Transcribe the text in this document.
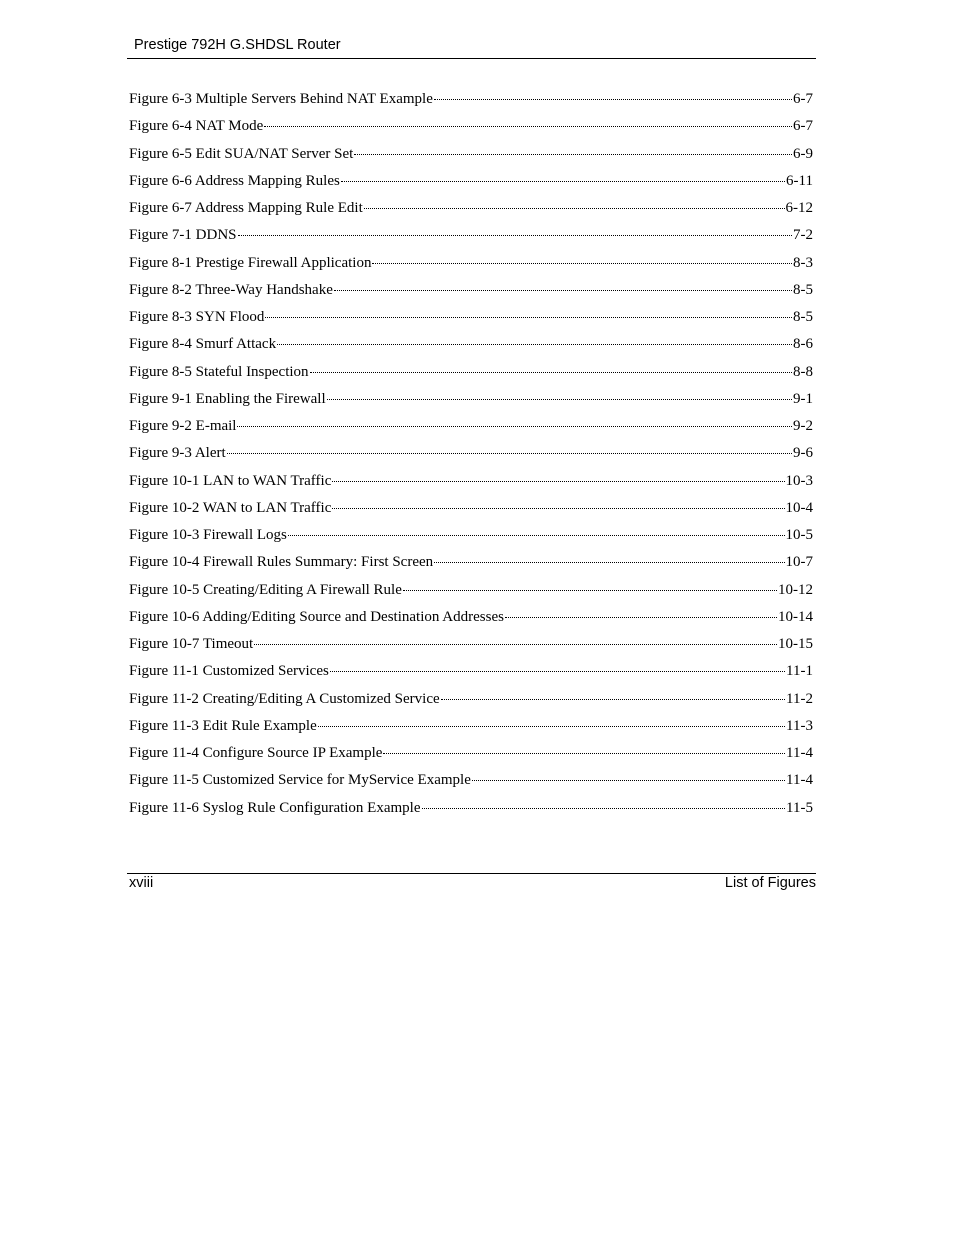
Prestige 792H G.SHDSL Router
Figure 6-3 Multiple Servers Behind NAT Example	6-7
Figure 6-4 NAT Mode	6-7
Figure 6-5 Edit SUA/NAT Server Set	6-9
Figure 6-6 Address Mapping Rules	6-11
Figure 6-7 Address Mapping Rule Edit	6-12
Figure 7-1 DDNS	7-2
Figure 8-1 Prestige Firewall Application	8-3
Figure 8-2 Three-Way Handshake	8-5
Figure 8-3 SYN Flood	8-5
Figure 8-4 Smurf Attack	8-6
Figure 8-5 Stateful Inspection	8-8
Figure 9-1 Enabling the Firewall	9-1
Figure 9-2 E-mail	9-2
Figure 9-3 Alert	9-6
Figure 10-1 LAN to WAN Traffic	10-3
Figure 10-2 WAN to LAN Traffic	10-4
Figure 10-3 Firewall Logs	10-5
Figure 10-4 Firewall Rules Summary: First Screen	10-7
Figure 10-5 Creating/Editing A Firewall Rule	10-12
Figure 10-6 Adding/Editing Source and Destination Addresses	10-14
Figure 10-7 Timeout	10-15
Figure 11-1 Customized Services	11-1
Figure 11-2 Creating/Editing A Customized Service	11-2
Figure 11-3 Edit Rule Example	11-3
Figure 11-4 Configure Source IP Example	11-4
Figure 11-5 Customized Service for MyService Example	11-4
Figure 11-6 Syslog Rule Configuration Example	11-5
xviii	List of Figures
